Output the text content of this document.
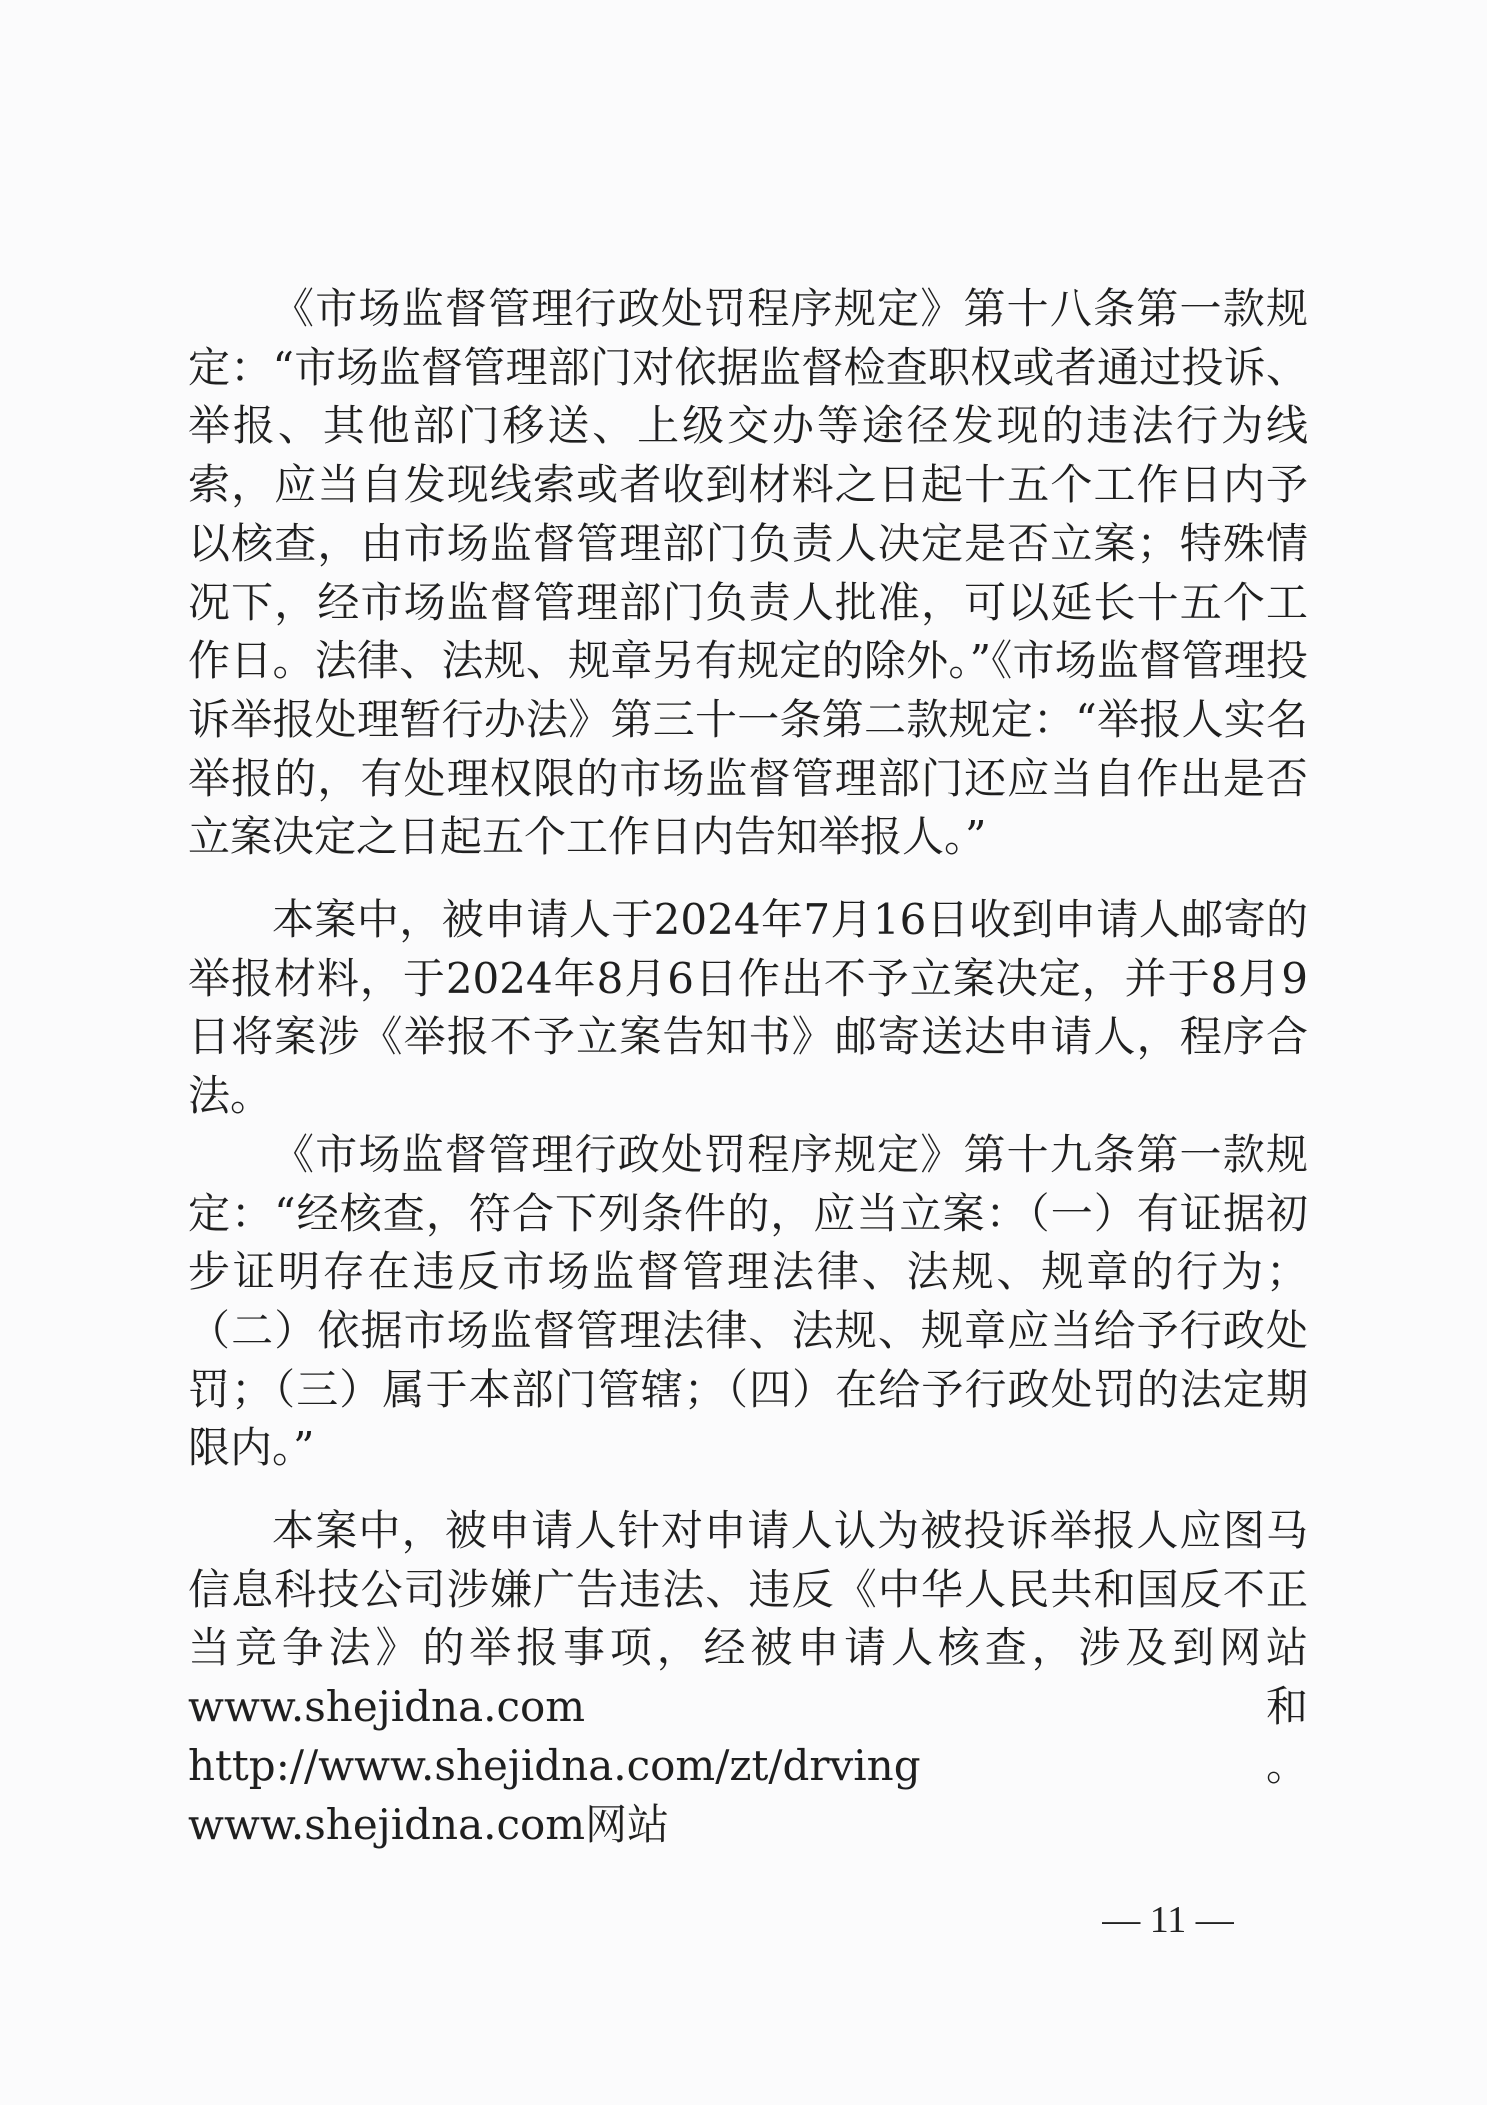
《市场监督管理行政处罚程序规定》第十八条第一款规定：“市场监督管理部门对依据监督检查职权或者通过投诉、举报、其他部门移送、上级交办等途径发现的违法行为线索，应当自发现线索或者收到材料之日起十五个工作日内予以核查，由市场监督管理部门负责人决定是否立案；特殊情况下，经市场监督管理部门负责人批准，可以延长十五个工作日。法律、法规、规章另有规定的除外。”《市场监督管理投诉举报处理暂行办法》第三十一条第二款规定：“举报人实名举报的，有处理权限的市场监督管理部门还应当自作出是否立案决定之日起五个工作日内告知举报人。”

本案中，被申请人于2024年7月16日收到申请人邮寄的举报材料，于2024年8月6日作出不予立案决定，并于8月9日将案涉《举报不予立案告知书》邮寄送达申请人，程序合法。

《市场监督管理行政处罚程序规定》第十九条第一款规定：“经核查，符合下列条件的，应当立案：（一）有证据初步证明存在违反市场监督管理法律、法规、规章的行为；（二）依据市场监督管理法律、法规、规章应当给予行政处罚；（三）属于本部门管辖；（四）在给予行政处罚的法定期限内。”

本案中，被申请人针对申请人认为被投诉举报人应图马信息科技公司涉嫌广告违法、违反《中华人民共和国反不正当竞争法》的举报事项，经被申请人核查，涉及到网站www.shejidna.com和http://www.shejidna.com/zt/drving。www.shejidna.com网站

— 11 —
